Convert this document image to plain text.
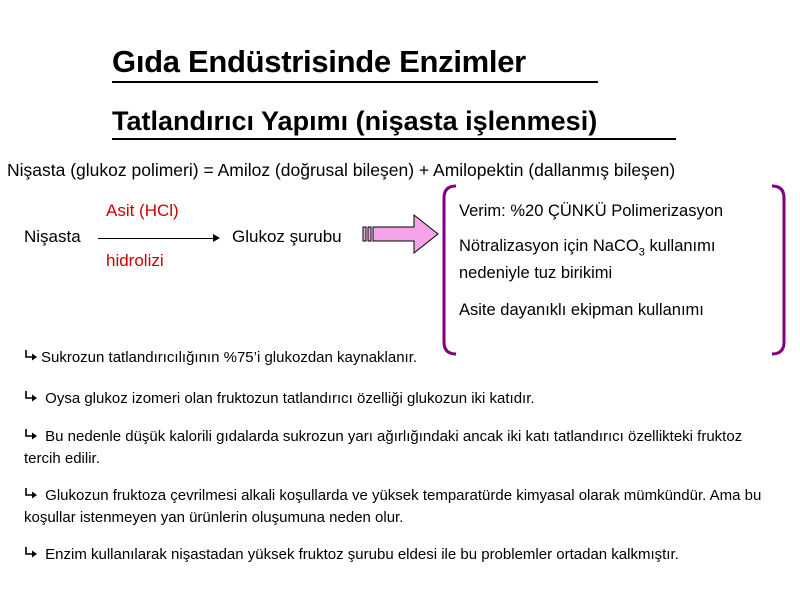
Gıda Endüstrisinde Enzimler
Tatlandırıcı Yapımı (nişasta işlenmesi)
Nişasta (glukoz polimeri) = Amiloz (doğrusal bileşen) + Amilopektin (dallanmış bileşen)
Asit (HCl)
Nişasta
hidrolizi
Glukoz şurubu
Verim: %20 ÇÜNKÜ Polimerizasyon
Nötralizasyon için NaCO$_3$ kullanımı
nedeniyle tuz birikimi
Asite dayanıklı ekipman kullanımı
Sukrozun tatlandırıcılığının %75’i glukozdan kaynaklanır.
Oysa glukoz izomeri olan fruktozun tatlandırıcı özelliği glukozun iki katıdır.
Bu nedenle düşük kalorili gıdalarda sukrozun yarı ağırlığındaki ancak iki katı tatlandırıcı özellikteki fruktoz tercih edilir.
Glukozun fruktoza çevrilmesi alkali koşullarda ve yüksek temparatürde kimyasal olarak mümkündür. Ama bu koşullar istenmeyen yan ürünlerin oluşumuna neden olur.
Enzim kullanılarak nişastadan yüksek fruktoz şurubu eldesi ile bu problemler ortadan kalkmıştır.
